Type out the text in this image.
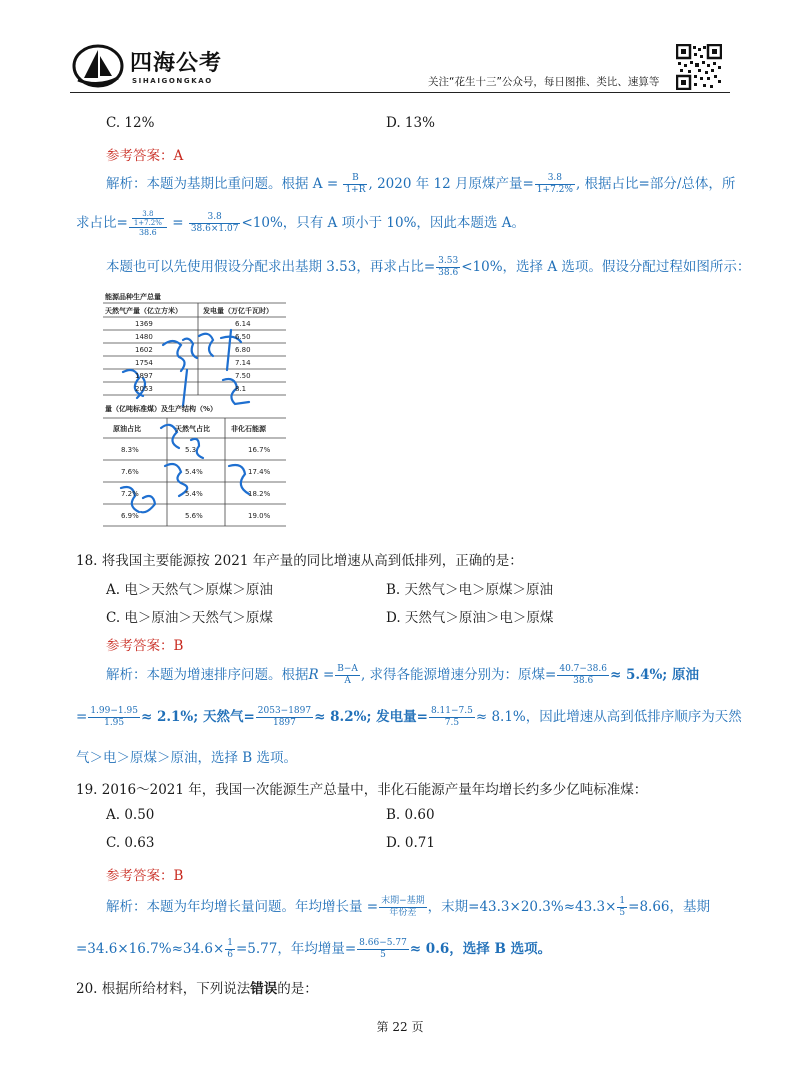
四海公考
SIHAIGONGKAO	关注“花生十三”公众号，每日图推、类比、速算等
C. 12%	D. 13%
参考答案：A
解析：本题为基期比重问题。根据 $A = \frac{B}{1+R}$ , 2020 年 12 月原煤产量= $\frac{3.8}{1+7.2\%}$ , 根据占比=部分/总体，所
求占比= $\frac{\frac{3.8}{1+7.2\%}}{38.6} = \frac{3.8}{38.6\times 1.07} <10\%$，只有 A 项小于 10%，因此本题选 A。
本题也可以先使用假设分配求出基期 3.53，再求占比= $\frac{3.53}{38.6} <10\%$，选择 A 选项。假设分配过程如图所示：
能源品种生产总量
天然气产量（亿立方米）	发电量（万亿千瓦时）
1369	6.14
1480	6.50
1602	6.80
1754	7.14
1897	7.50
2053	8.1
量（亿吨标准煤）及生产结构（%）
原油占比	天然气占比	非化石能源
8.3%	5.3	16.7%
7.6%	5.4%	17.4%
7.2%	5.4%	18.2%
6.9%	5.6%	19.0%
18. 将我国主要能源按 2021 年产量的同比增速从高到低排列，正确的是：
A. 电＞天然气＞原煤＞原油	B. 天然气＞电＞原煤＞原油
C. 电＞原油＞天然气＞原煤	D. 天然气＞原油＞电＞原煤
参考答案：B
解析：本题为增速排序问题。根据$R = \frac{B-A}{A}$ , 求得各能源增速分别为：原煤= $\frac{40.7-38.6}{38.6} \approx 5.4\%$; 原油
= $\frac{1.99-1.95}{1.95} \approx 2.1\%$; 天然气= $\frac{2053-1897}{1897} \approx 8.2\%$; 发电量= $\frac{8.11-7.5}{7.5} \approx 8.1\%$，因此增速从高到低排序顺序为天然
气＞电＞原煤＞原油，选择 B 选项。
19. 2016～2021 年，我国一次能源生产总量中，非化石能源产量年均增长约多少亿吨标准煤：
A. 0.50	B. 0.60
C. 0.63	D. 0.71
参考答案：B
解析：本题为年均增长量问题。年均增长量 = $\frac{\text{末期−基期}}{\text{年份差}}$ ，末期$=43.3\times 20.3\%\approx 43.3\times \frac{1}{5} =8.66$，基期
$=34.6\times 16.7\%\approx 34.6\times \frac{1}{6} =5.77$，年均增量= $\frac{8.66-5.77}{5} \approx 0.6$，选择 B 选项。
20. 根据所给材料，下列说法错误的是：
第 22 页
